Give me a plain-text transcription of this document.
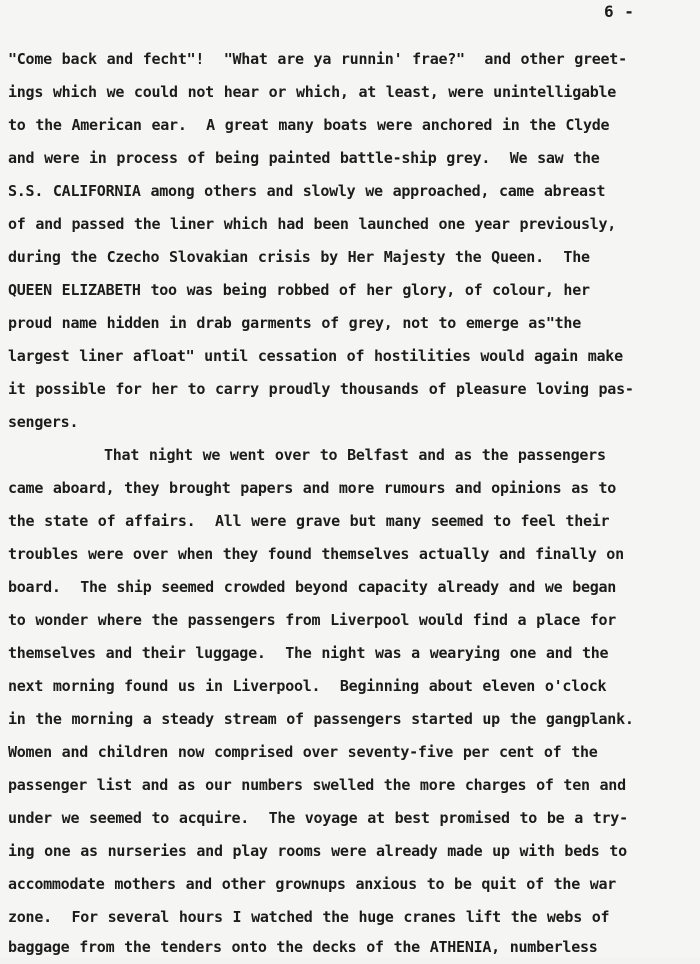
6 -
"Come back and fecht"!  "What are ya runnin' frae?"  and other greet-
ings which we could not hear or which, at least, were unintelligable
to the American ear.  A great many boats were anchored in the Clyde
and were in process of being painted battle-ship grey.  We saw the
S.S. CALIFORNIA among others and slowly we approached, came abreast
of and passed the liner which had been launched one year previously,
during the Czecho Slovakian crisis by Her Majesty the Queen.  The
QUEEN ELIZABETH too was being robbed of her glory, of colour, her
proud name hidden in drab garments of grey, not to emerge as"the
largest liner afloat" until cessation of hostilities would again make
it possible for her to carry proudly thousands of pleasure loving pas-
sengers.
That night we went over to Belfast and as the passengers
came aboard, they brought papers and more rumours and opinions as to
the state of affairs.  All were grave but many seemed to feel their
troubles were over when they found themselves actually and finally on
board.  The ship seemed crowded beyond capacity already and we began
to wonder where the passengers from Liverpool would find a place for
themselves and their luggage.  The night was a wearying one and the
next morning found us in Liverpool.  Beginning about eleven o'clock
in the morning a steady stream of passengers started up the gangplank.
Women and children now comprised over seventy-five per cent of the
passenger list and as our numbers swelled the more charges of ten and
under we seemed to acquire.  The voyage at best promised to be a try-
ing one as nurseries and play rooms were already made up with beds to
accommodate mothers and other grownups anxious to be quit of the war
zone.  For several hours I watched the huge cranes lift the webs of
baggage from the tenders onto the decks of the ATHENIA, numberless
